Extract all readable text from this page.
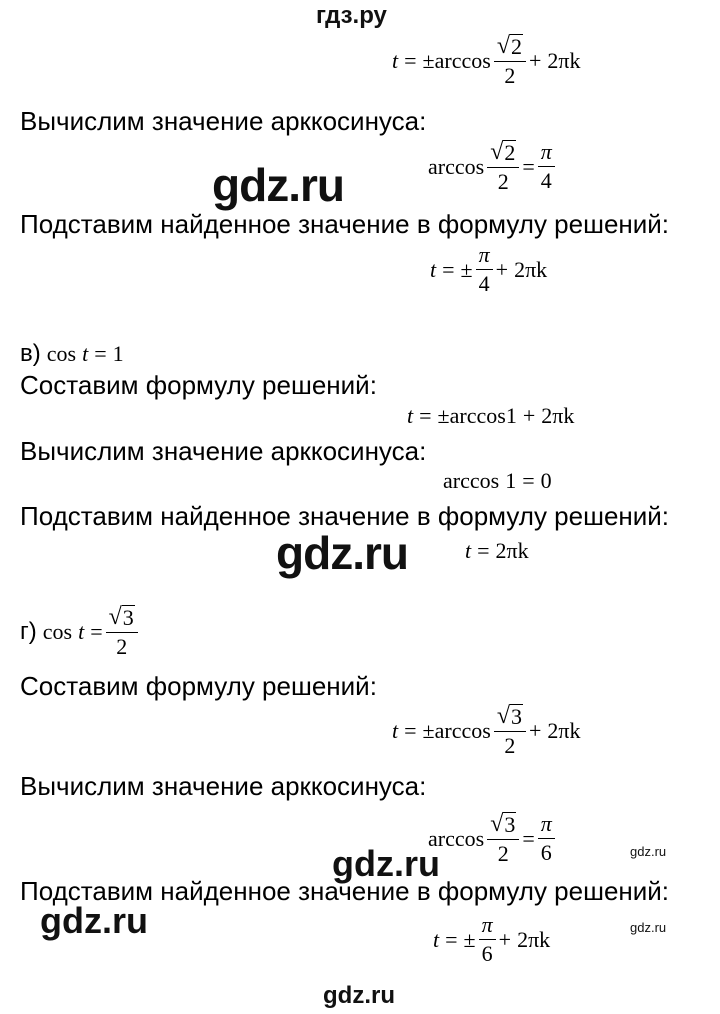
гдз.ру
t = ± $\arccos \frac{√ 2}{2} + 2\pi k$
Вычислим значение арккосинуса:
$\arccos \frac{√ 2}{2} = \frac{\pi}{4}$
gdz.ru
Подставим найденное значение в формулу решений:
t = ± $\frac{\pi}{4} + 2\pi k$
в) cos t = 1
Составим формулу решений:
t = ± arccos 1 + 2πk
Вычислим значение арккосинуса:
arccos 1 = 0
Подставим найденное значение в формулу решений:
gdz.ru	t = 2πk
г) $\cos t = \frac{√ 3}{2}$
Составим формулу решений:
t = ± $\arccos \frac{√ 3}{2} + 2\pi k$
Вычислим значение арккосинуса:
$\arccos \frac{√ 3}{2} = \frac{\pi}{6}$	gdz.ru
gdz.ru
Подставим найденное значение в формулу решений:
gdz.ru	t = ± $\frac{\pi}{6} + 2\pi k$	gdz.ru
gdz.ru
